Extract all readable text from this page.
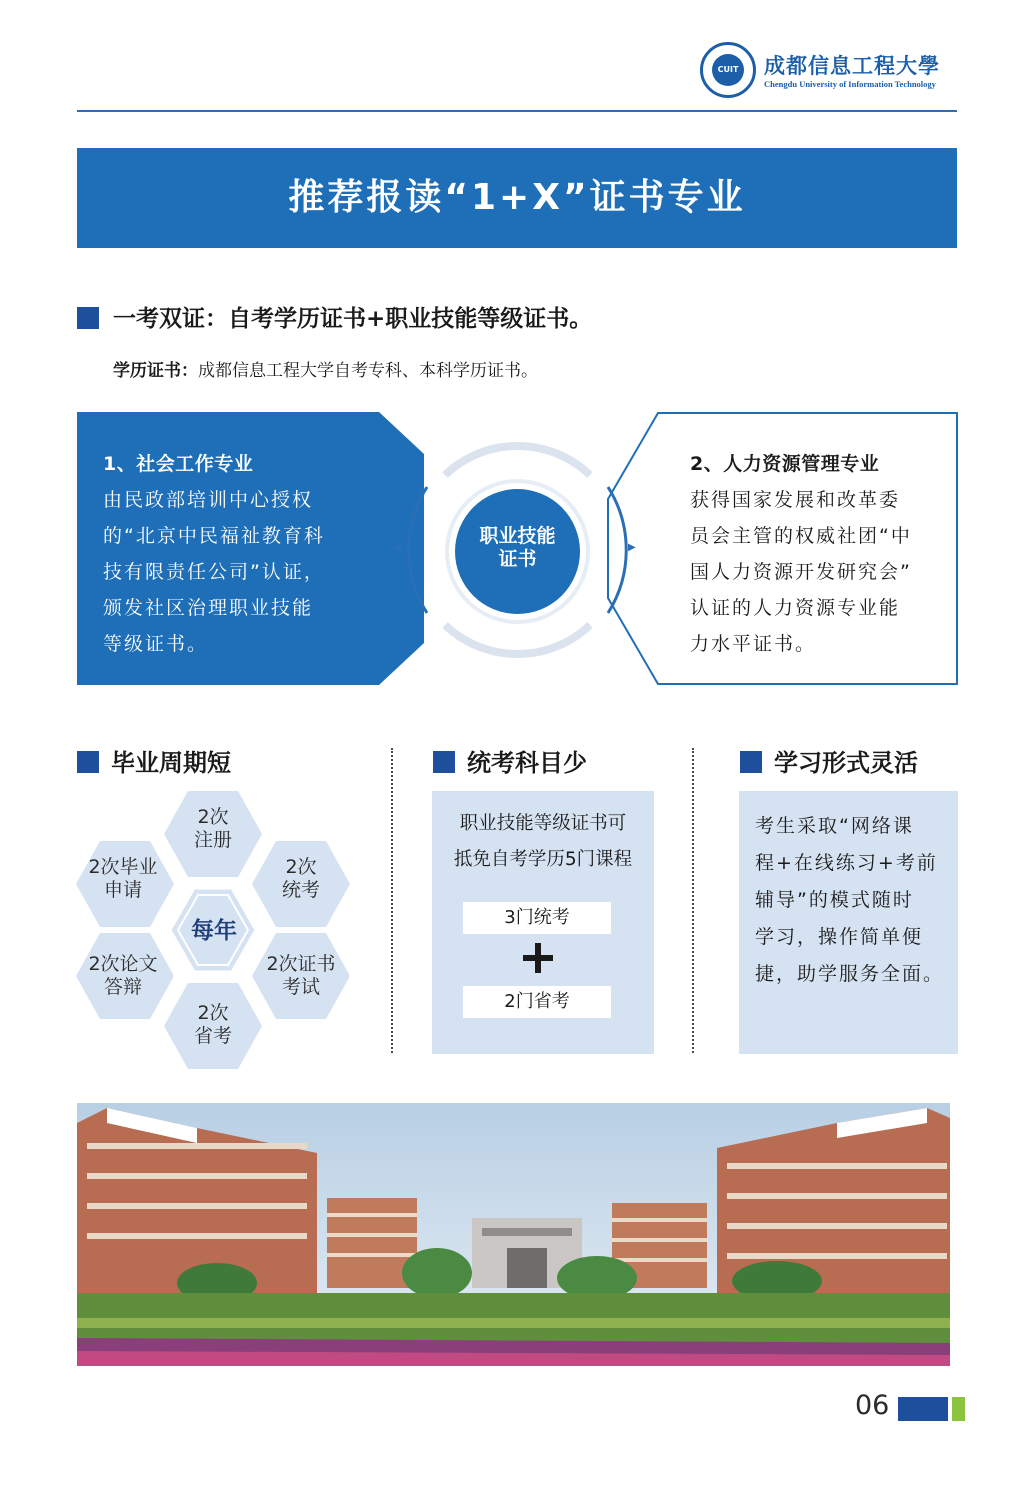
CUIT 成都信息工程大學
Chengdu University of Information Technology
推荐报读“1+X”证书专业
一考双证：自考学历证书+职业技能等级证书。
学历证书：成都信息工程大学自考专科、本科学历证书。
◀	▶
职业技能
证书
1、社会工作专业
由民政部培训中心授权
的“北京中民福祉教育科
技有限责任公司”认证，
颁发社区治理职业技能
等级证书。
2、人力资源管理专业
获得国家发展和改革委
员会主管的权威社团“中
国人力资源开发研究会”
认证的人力资源专业能
力水平证书。
毕业周期短	统考科目少	学习形式灵活
每年
2次
注册
2次
统考
2次证书
考试
2次
省考
2次论文
答辩
2次毕业
申请
职业技能等级证书可
抵免自考学历5门课程
3门统考
2门省考
考生采取“网络课
程+在线练习+考前
辅导”的模式随时
学习，操作简单便
捷，助学服务全面。
06
